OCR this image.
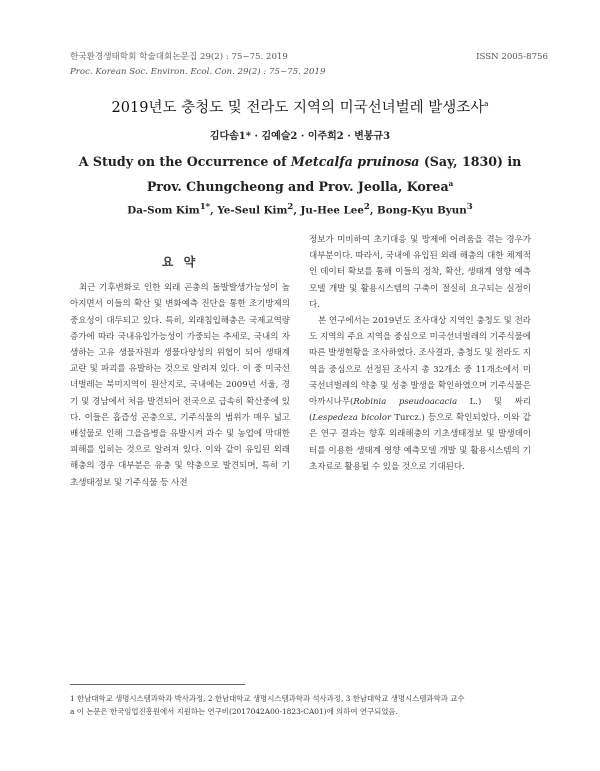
한국환경생태학회 학술대회논문집 29(2) : 75~75. 2019	ISSN 2005-8756
Proc. Korean Soc. Environ. Ecol. Con. 29(2) : 75~75. 2019
2019년도 충청도 및 전라도 지역의 미국선녀벌레 발생조사$^a$
김다솜1* · 김예슬2 · 이주희2 · 변봉규3
A Study on the Occurrence of Metcalfa pruinosa (Say, 1830) in Prov. Chungcheong and Prov. Jeolla, Korea$^a$
Da-Som Kim$^{1*}$, Ye-Seul Kim$^2$, Ju-Hee Lee$^2$, Bong-Kyu Byun$^3$
요 약

최근 기후변화로 인한 외래 곤충의 돌발발생가능성이 높아지면서 이들의 확산 및 변화예측 진단을 통한 조기방제의 중요성이 대두되고 있다. 특히, 외래침입해충은 국제교역량 증가에 따라 국내유입가능성이 가중되는 추세로, 국내의 자생하는 고유 생물자원과 생물다양성의 위협이 되어 생태계 교란 및 파괴를 유발하는 것으로 알려져 있다. 이 중 미국선녀벌레는 북미지역이 원산지로, 국내에는 2009년 서울, 경기 및 경남에서 처음 발견되어 전국으로 급속히 확산중에 있다. 이들은 흡즙성 곤충으로, 기주식물의 범위가 매우 넓고 배설물로 인해 그을음병을 유발시켜 과수 및 농업에 막대한 피해를 입히는 것으로 알려져 있다. 이와 같이 유입된 외래 해충의 경우 대부분은 유충 및 약충으로 발견되며, 특히 기초생태정보 및 기주식물 등 사전

정보가 미비하여 초기대응 및 방제에 어려움을 겪는 경우가 대부분이다. 따라서, 국내에 유입된 외래 해충의 대한 체계적인 데이터 확보를 통해 이들의 정착, 확산, 생태계 영향 예측모델 개발 및 활용시스템의 구축이 절실히 요구되는 실정이다.

본 연구에서는 2019년도 조사대상 지역인 충청도 및 전라도 지역의 주요 지역을 중심으로 미국선녀벌레의 기주식물에 따른 발생현황을 조사하였다. 조사결과, 충청도 및 전라도 지역을 중심으로 선정된 조사지 총 32개소 중 11개소에서 미국선녀벌레의 약충 및 성충 발생을 확인하였으며 기주식물은 아까시나무(Robinia pseudoacacia L.) 및 싸리(Lespedeza bicolor Turcz.) 등으로 확인되었다. 이와 같은 연구 결과는 향후 외래해충의 기초생태정보 및 발생데이터를 이용한 생태계 영향 예측모델 개발 및 활용시스템의 기초자료로 활용될 수 있을 것으로 기대된다.

1 한남대학교 생명시스템과학과 박사과정, 2 한남대학교 생명시스템과학과 석사과정, 3 한남대학교 생명시스템과학과 교수
a 이 논문은 한국임업진흥원에서 지원하는 연구비(2017042A00-1823-CA01)에 의하여 연구되었음.
